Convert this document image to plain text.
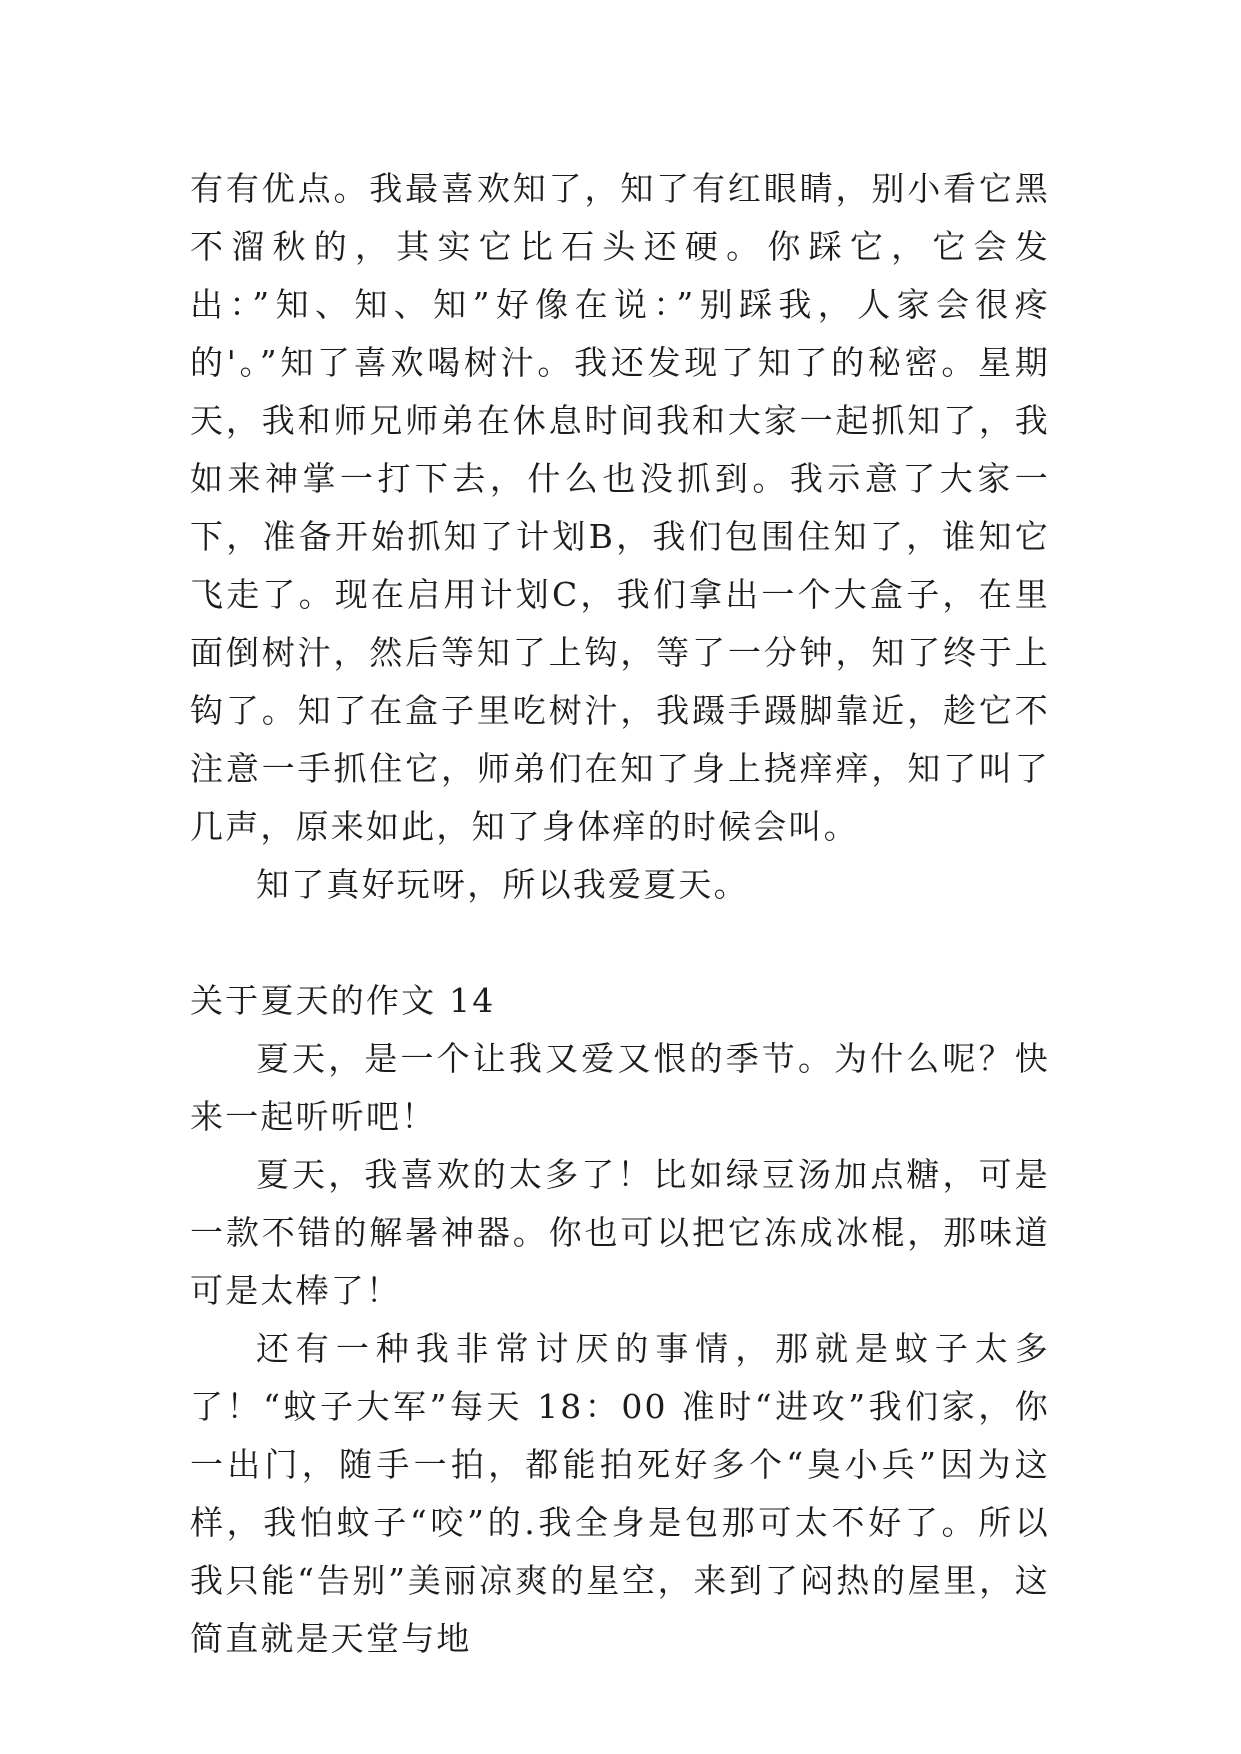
有有优点。我最喜欢知了，知了有红眼睛，别小看它黑不溜秋的，其实它比石头还硬。你踩它，它会发出：”知、知、知”好像在说：”别踩我，人家会很疼的'。”知了喜欢喝树汁。我还发现了知了的秘密。星期天，我和师兄师弟在休息时间我和大家一起抓知了，我如来神掌一打下去，什么也没抓到。我示意了大家一下，准备开始抓知了计划B，我们包围住知了，谁知它飞走了。现在启用计划C，我们拿出一个大盒子，在里面倒树汁，然后等知了上钩，等了一分钟，知了终于上钩了。知了在盒子里吃树汁，我蹑手蹑脚靠近，趁它不注意一手抓住它，师弟们在知了身上挠痒痒，知了叫了几声，原来如此，知了身体痒的时候会叫。

知了真好玩呀，所以我爱夏天。

关于夏天的作文 14

夏天，是一个让我又爱又恨的季节。为什么呢？快来一起听听吧！

夏天，我喜欢的太多了！比如绿豆汤加点糖，可是一款不错的解暑神器。你也可以把它冻成冰棍，那味道可是太棒了！

还有一种我非常讨厌的事情，那就是蚊子太多了！“蚊子大军”每天 18：00 准时“进攻”我们家，你一出门，随手一拍，都能拍死好多个“臭小兵”因为这样，我怕蚊子“咬”的.我全身是包那可太不好了。所以我只能“告别”美丽凉爽的星空，来到了闷热的屋里，这简直就是天堂与地
